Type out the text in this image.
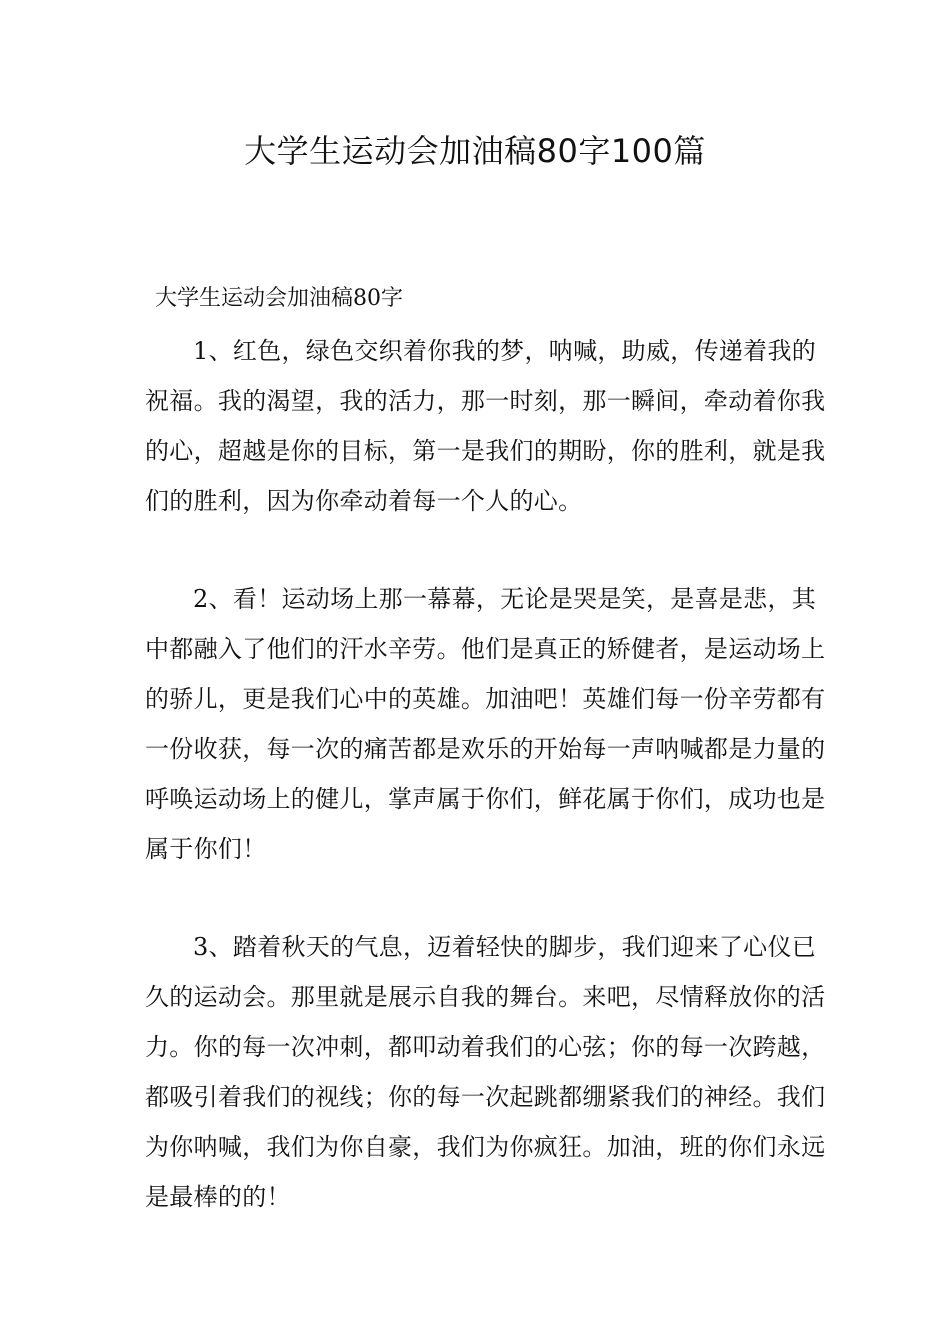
大学生运动会加油稿80字100篇
大学生运动会加油稿80字

1、红色，绿色交织着你我的梦，呐喊，助威，传递着我的祝福。我的渴望，我的活力，那一时刻，那一瞬间，牵动着你我的心，超越是你的目标，第一是我们的期盼，你的胜利，就是我们的胜利，因为你牵动着每一个人的心。

2、看！运动场上那一幕幕，无论是哭是笑，是喜是悲，其中都融入了他们的汗水辛劳。他们是真正的矫健者，是运动场上的骄儿，更是我们心中的英雄。加油吧！英雄们每一份辛劳都有一份收获，每一次的痛苦都是欢乐的开始每一声呐喊都是力量的呼唤运动场上的健儿，掌声属于你们，鲜花属于你们，成功也是属于你们！

3、踏着秋天的气息，迈着轻快的脚步，我们迎来了心仪已久的运动会。那里就是展示自我的舞台。来吧，尽情释放你的活力。你的每一次冲刺，都叩动着我们的心弦；你的每一次跨越，都吸引着我们的视线；你的每一次起跳都绷紧我们的神经。我们为你呐喊，我们为你自豪，我们为你疯狂。加油，班的你们永远是最棒的的！
